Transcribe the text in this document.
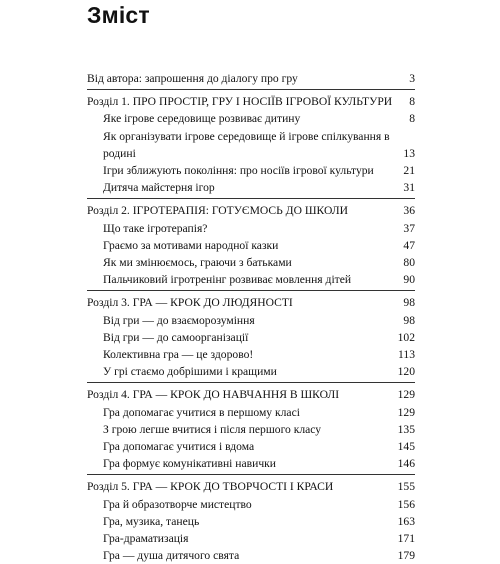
Зміст
Від автора: запрошення до діалогу про гру	3
Розділ 1. ПРО ПРОСТІР, ГРУ І НОСІЇВ ІГРОВОЇ КУЛЬТУРИ	8
Яке ігрове середовище розвиває дитину	8
Як організувати ігрове середовище й ігрове спілкування в родині	13
Ігри зближують покоління: про носіїв ігрової культури	21
Дитяча майстерня ігор	31
Розділ 2. ІГРОТЕРАПІЯ: ГОТУЄМОСЬ ДО ШКОЛИ	36
Що таке ігротерапія?	37
Граємо за мотивами народної казки	47
Як ми змінюємось, граючи з батьками	80
Пальчиковий ігротренінг розвиває мовлення дітей	90
Розділ 3. ГРА — КРОК ДО ЛЮДЯНОСТІ	98
Від гри — до взаєморозуміння	98
Від гри — до самоорганізації	102
Колективна гра — це здорово!	113
У грі стаємо добрішими і кращими	120
Розділ 4. ГРА — КРОК ДО НАВЧАННЯ В ШКОЛІ	129
Гра допомагає учитися в першому класі	129
З грою легше вчитися і після першого класу	135
Гра допомагає учитися і вдома	145
Гра формує комунікативні навички	146
Розділ 5. ГРА — КРОК ДО ТВОРЧОСТІ І КРАСИ	155
Гра й образотворче мистецтво	156
Гра, музика, танець	163
Гра-драматизація	171
Гра — душа дитячого свята	179
